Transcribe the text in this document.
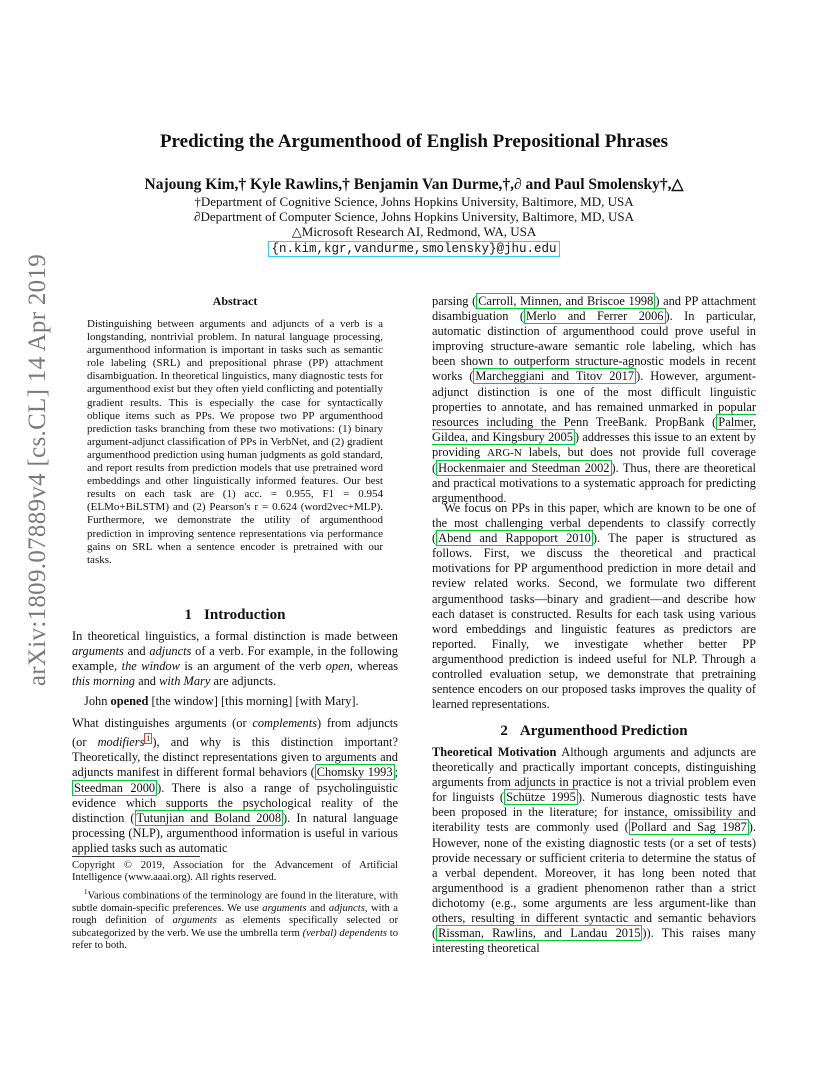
arXiv:1809.07889v4 [cs.CL] 14 Apr 2019
Predicting the Argumenthood of English Prepositional Phrases
Najoung Kim,† Kyle Rawlins,† Benjamin Van Durme,†,∂ and Paul Smolensky†,△
†Department of Cognitive Science, Johns Hopkins University, Baltimore, MD, USA
∂Department of Computer Science, Johns Hopkins University, Baltimore, MD, USA
△Microsoft Research AI, Redmond, WA, USA
{n.kim,kgr,vandurme,smolensky}@jhu.edu
Abstract
Distinguishing between arguments and adjuncts of a verb is a longstanding, nontrivial problem. In natural language processing, argumenthood information is important in tasks such as semantic role labeling (SRL) and prepositional phrase (PP) attachment disambiguation. In theoretical linguistics, many diagnostic tests for argumenthood exist but they often yield conflicting and potentially gradient results. This is especially the case for syntactically oblique items such as PPs. We propose two PP argumenthood prediction tasks branching from these two motivations: (1) binary argument-adjunct classification of PPs in VerbNet, and (2) gradient argumenthood prediction using human judgments as gold standard, and report results from prediction models that use pretrained word embeddings and other linguistically informed features. Our best results on each task are (1) acc. = 0.955, F1 = 0.954 (ELMo+BiLSTM) and (2) Pearson's r = 0.624 (word2vec+MLP). Furthermore, we demonstrate the utility of argumenthood prediction in improving sentence representations via performance gains on SRL when a sentence encoder is pretrained with our tasks.
1 Introduction
In theoretical linguistics, a formal distinction is made between arguments and adjuncts of a verb. For example, in the following example, the window is an argument of the verb open, whereas this morning and with Mary are adjuncts.
John opened [the window] [this morning] [with Mary].
What distinguishes arguments (or complements) from adjuncts (or modifiers $^1$ ), and why is this distinction important? Theoretically, the distinct representations given to arguments and adjuncts manifest in different formal behaviors ( Chomsky 1993 ; Steedman 2000 ). There is also a range of psycholinguistic evidence which supports the psychological reality of the distinction ( Tutunjian and Boland 2008 ). In natural language processing (NLP), argumenthood information is useful in various applied tasks such as automatic
Copyright © 2019, Association for the Advancement of Artificial Intelligence (www.aaai.org). All rights reserved.
$^1$Various combinations of the terminology are found in the literature, with subtle domain-specific preferences. We use arguments and adjuncts, with a rough definition of arguments as elements specifically selected or subcategorized by the verb. We use the umbrella term (verbal) dependents to refer to both.
parsing ( Carroll, Minnen, and Briscoe 1998 ) and PP attachment disambiguation ( Merlo and Ferrer 2006 ). In particular, automatic distinction of argumenthood could prove useful in improving structure-aware semantic role labeling, which has been shown to outperform structure-agnostic models in recent works ( Marcheggiani and Titov 2017 ). However, argument-adjunct distinction is one of the most difficult linguistic properties to annotate, and has remained unmarked in popular resources including the Penn TreeBank. PropBank ( Palmer, Gildea, and Kingsbury 2005 ) addresses this issue to an extent by providing ARG-N labels, but does not provide full coverage ( Hockenmaier and Steedman 2002 ). Thus, there are theoretical and practical motivations to a systematic approach for predicting argumenthood.
We focus on PPs in this paper, which are known to be one of the most challenging verbal dependents to classify correctly ( Abend and Rappoport 2010 ). The paper is structured as follows. First, we discuss the theoretical and practical motivations for PP argumenthood prediction in more detail and review related works. Second, we formulate two different argumenthood tasks—binary and gradient—and describe how each dataset is constructed. Results for each task using various word embeddings and linguistic features as predictors are reported. Finally, we investigate whether better PP argumenthood prediction is indeed useful for NLP. Through a controlled evaluation setup, we demonstrate that pretraining sentence encoders on our proposed tasks improves the quality of learned representations.
2 Argumenthood Prediction
Theoretical Motivation Although arguments and adjuncts are theoretically and practically important concepts, distinguishing arguments from adjuncts in practice is not a trivial problem even for linguists ( Schütze 1995 ). Numerous diagnostic tests have been proposed in the literature; for instance, omissibility and iterability tests are commonly used ( Pollard and Sag 1987 ). However, none of the existing diagnostic tests (or a set of tests) provide necessary or sufficient criteria to determine the status of a verbal dependent. Moreover, it has long been noted that argumenthood is a gradient phenomenon rather than a strict dichotomy (e.g., some arguments are less argument-like than others, resulting in different syntactic and semantic behaviors ( Rissman, Rawlins, and Landau 2015 )). This raises many interesting theoretical
